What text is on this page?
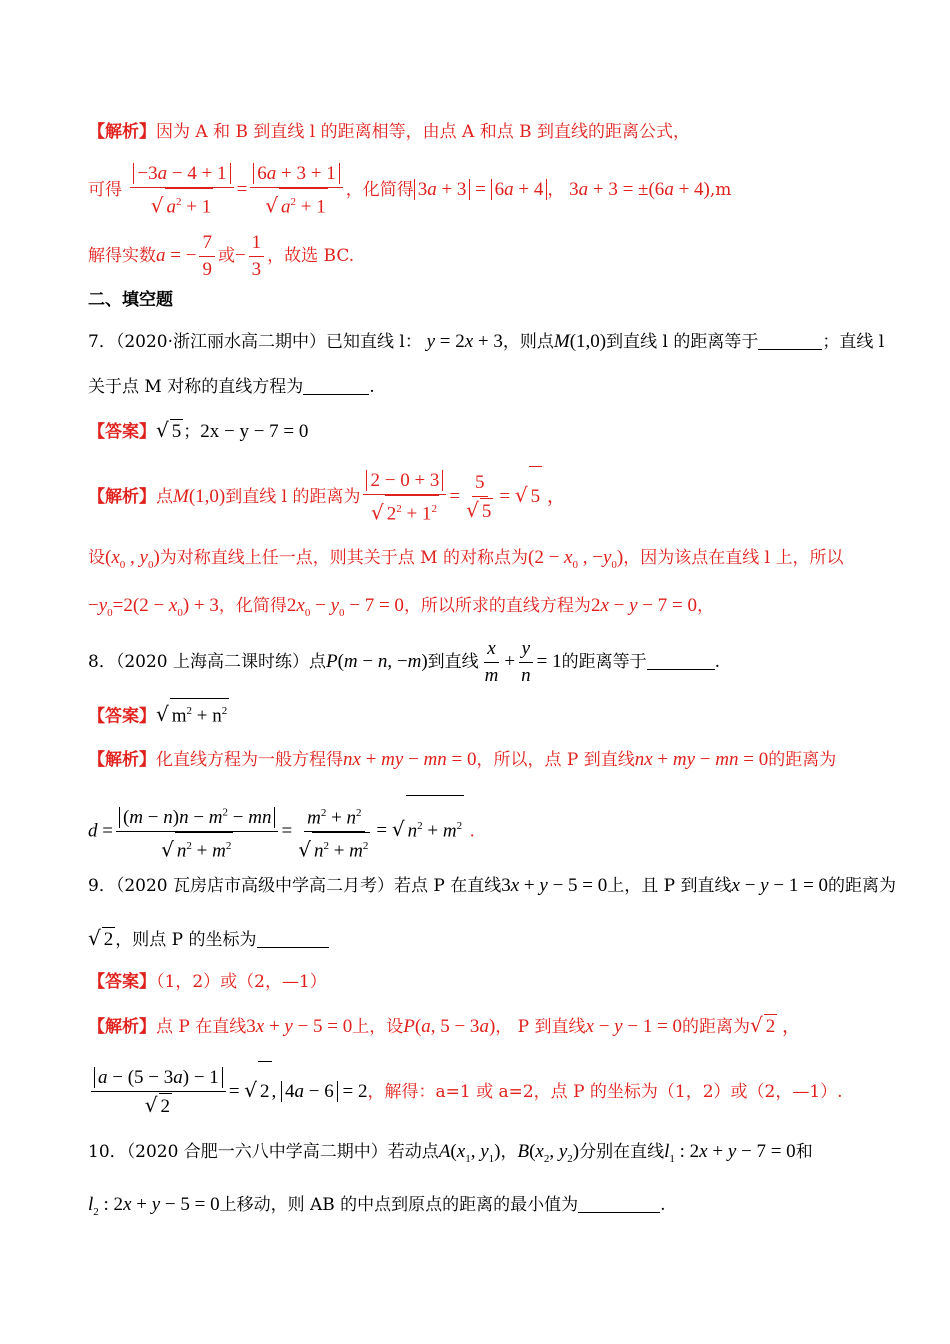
【解析】因为 A 和 B 到直线 l 的距离相等，由点 A 和点 B 到直线的距离公式，
可得 $\frac{-3a - 4 + 1}{√ a^2 + 1} = \frac{6a + 3 + 1}{√ a^2 + 1}$ ，化简得 3a + 3 = 6a + 4 ， 3a + 3 = ±(6a + 4),m
解得实数a = − $\frac{7}{9}$ 或− $\frac{1}{3}$ ，故选 BC.
二、填空题
7．（2020·浙江丽水高二期中）已知直线 l： y = 2x + 3，则点M(1,0)到直线 l 的距离等于	；直线 l
关于点 M 对称的直线方程为	.
【答案】√ 5 ；2x − y − 7 = 0
【解析】点M(1,0)到直线 l 的距离为 $\frac{2 - 0 + 3}{√ 2^2 + 1^2} = \frac{5}{√ 5}$ = √ 5 ，
设($x_0$ , $y_0$)为对称直线上任一点，则其关于点 M 的对称点为($2 - x_0$ , $-y_0$)，因为该点在直线 l 上，所以
$-y_0=2(2 - x_0) + 3$，化简得$2x_0 - y_0 - 7 = 0$，所以所求的直线方程为2x − y − 7 = 0，
8．（2020 上海高二课时练）点P(m − n, −m)到直线 $\frac{x}{m} + \frac{y}{n} = 1$的距离等于	.
【答案】√ $m^2 + n^2$
【解析】化直线方程为一般方程得nx + my − mn = 0，所以，点 P 到直线nx + my − mn = 0的距离为
$d = \frac{(m - n)n - m^2 - mn}{√ n^2 + m^2} = \frac{m^2 + n^2}{√ n^2 + m^2}$ = √ $n^2 + m^2$ .
9．（2020 瓦房店市高级中学高二月考）若点 P 在直线3x + y − 5 = 0上，且 P 到直线x − y − 1 = 0的距离为
√ 2 ，则点 P 的坐标为
【答案】（1，2）或（2，—1）
【解析】点 P 在直线3x + y − 5 = 0上，设P(a, 5 − 3a)， P 到直线x − y − 1 = 0的距离为√ 2 ，
$\frac{a - (5 - 3a) - 1}{√ 2}$ = √ 2 , 4a − 6 = 2，解得：a=1 或 a=2，点 P 的坐标为（1，2）或（2，—1）.
10．（2020 合肥一六八中学高二期中）若动点$A(x_1$, $y_1$)，$B(x_2$, $y_2$)分别在直线$l_1$ : 2x + y − 7 = 0和
$l_2$ : 2x + y − 5 = 0上移动，则 AB 的中点到原点的距离的最小值为	.
